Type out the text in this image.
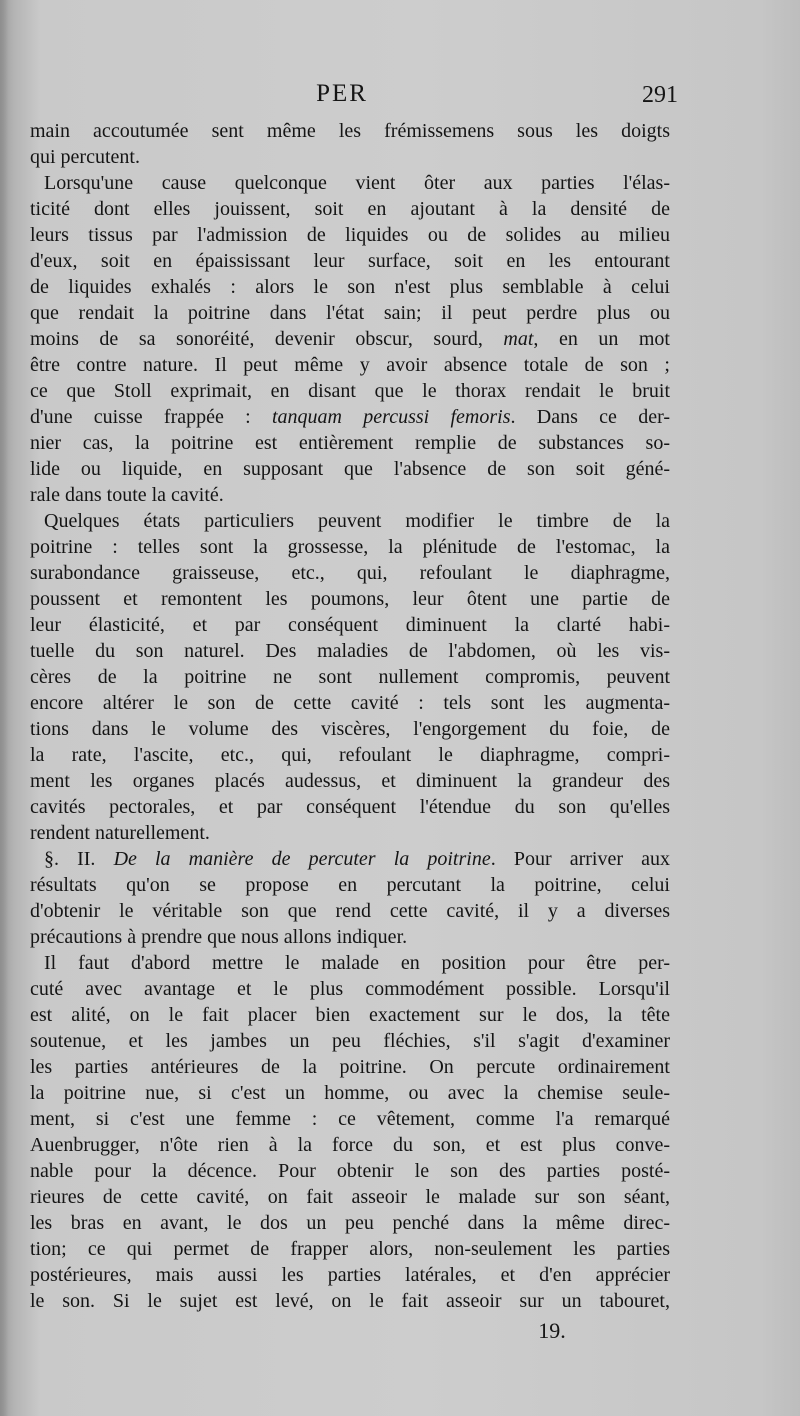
PER	291
main accoutumée sent même les frémissemens sous les doigts
qui percutent.
Lorsqu'une cause quelconque vient ôter aux parties l'élas-
ticité dont elles jouissent, soit en ajoutant à la densité de
leurs tissus par l'admission de liquides ou de solides au milieu
d'eux, soit en épaississant leur surface, soit en les entourant
de liquides exhalés : alors le son n'est plus semblable à celui
que rendait la poitrine dans l'état sain; il peut perdre plus ou
moins de sa sonoréité, devenir obscur, sourd, mat, en un mot
être contre nature. Il peut même y avoir absence totale de son ;
ce que Stoll exprimait, en disant que le thorax rendait le bruit
d'une cuisse frappée : tanquam percussi femoris. Dans ce der-
nier cas, la poitrine est entièrement remplie de substances so-
lide ou liquide, en supposant que l'absence de son soit géné-
rale dans toute la cavité.
Quelques états particuliers peuvent modifier le timbre de la
poitrine : telles sont la grossesse, la plénitude de l'estomac, la
surabondance graisseuse, etc., qui, refoulant le diaphragme,
poussent et remontent les poumons, leur ôtent une partie de
leur élasticité, et par conséquent diminuent la clarté habi-
tuelle du son naturel. Des maladies de l'abdomen, où les vis-
cères de la poitrine ne sont nullement compromis, peuvent
encore altérer le son de cette cavité : tels sont les augmenta-
tions dans le volume des viscères, l'engorgement du foie, de
la rate, l'ascite, etc., qui, refoulant le diaphragme, compri-
ment les organes placés audessus, et diminuent la grandeur des
cavités pectorales, et par conséquent l'étendue du son qu'elles
rendent naturellement.
§. II. De la manière de percuter la poitrine. Pour arriver aux
résultats qu'on se propose en percutant la poitrine, celui
d'obtenir le véritable son que rend cette cavité, il y a diverses
précautions à prendre que nous allons indiquer.
Il faut d'abord mettre le malade en position pour être per-
cuté avec avantage et le plus commodément possible. Lorsqu'il
est alité, on le fait placer bien exactement sur le dos, la tête
soutenue, et les jambes un peu fléchies, s'il s'agit d'examiner
les parties antérieures de la poitrine. On percute ordinairement
la poitrine nue, si c'est un homme, ou avec la chemise seule-
ment, si c'est une femme : ce vêtement, comme l'a remarqué
Auenbrugger, n'ôte rien à la force du son, et est plus conve-
nable pour la décence. Pour obtenir le son des parties posté-
rieures de cette cavité, on fait asseoir le malade sur son séant,
les bras en avant, le dos un peu penché dans la même direc-
tion; ce qui permet de frapper alors, non-seulement les parties
postérieures, mais aussi les parties latérales, et d'en apprécier
le son. Si le sujet est levé, on le fait asseoir sur un tabouret,
19.
